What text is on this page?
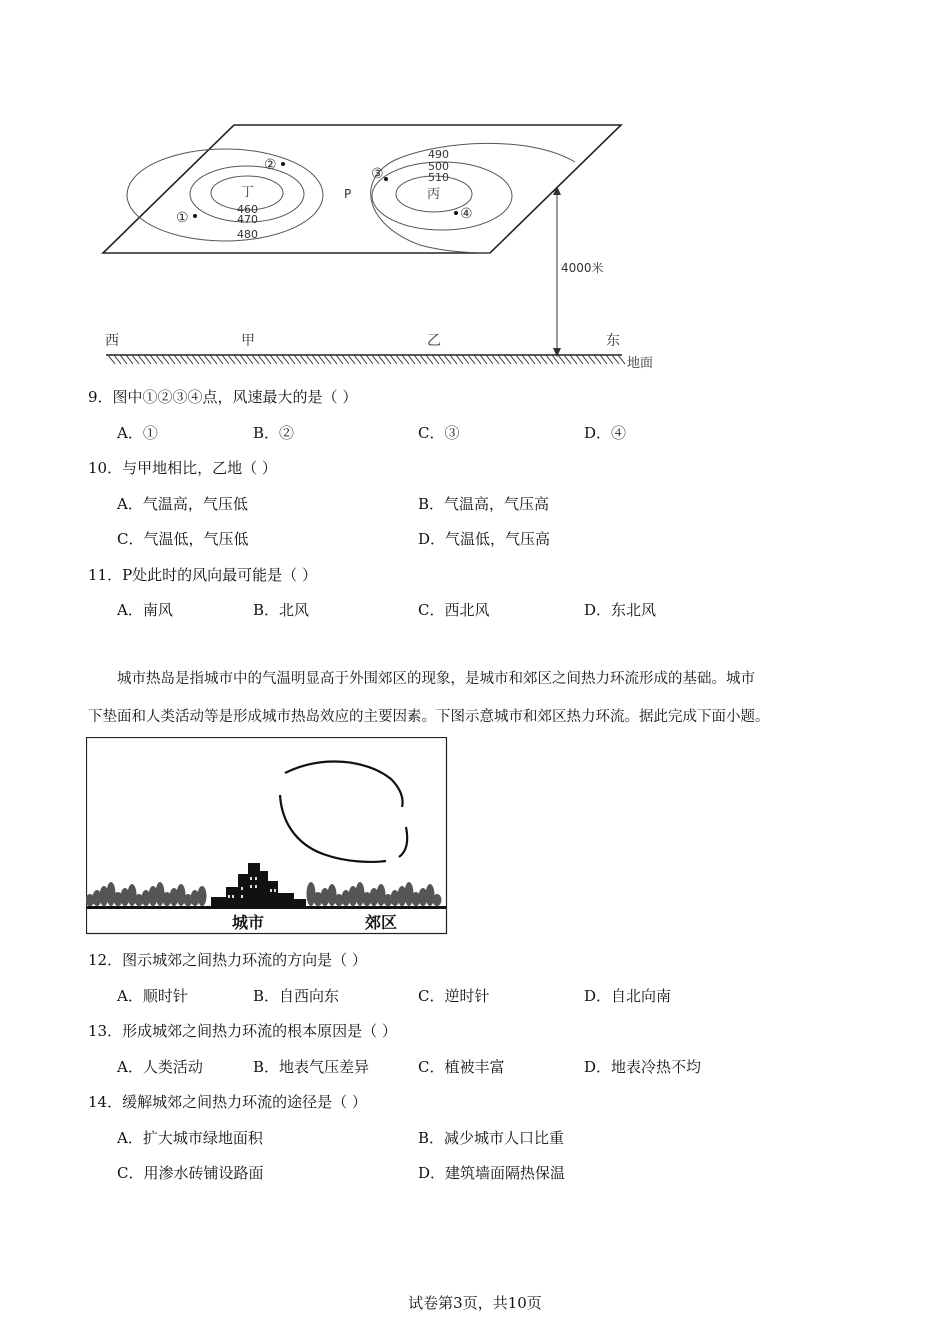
460
470
480
490
500
510
丁	丙
P
①
②
③
④
4000米
西	甲	乙	东
地面
9．图中①②③④点，风速最大的是（ ）
A．①	B．②	C．③	D．④
10．与甲地相比，乙地（ ）
A．气温高，气压低	B．气温高，气压高
C．气温低，气压低	D．气温低，气压高
11．P处此时的风向最可能是（ ）
A．南风	B．北风	C．西北风	D．东北风
城市热岛是指城市中的气温明显高于外围郊区的现象，是城市和郊区之间热力环流形成的基础。城市
下垫面和人类活动等是形成城市热岛效应的主要因素。下图示意城市和郊区热力环流。据此完成下面小题。
城市	郊区
12．图示城郊之间热力环流的方向是（ ）
A．顺时针	B．自西向东	C．逆时针	D．自北向南
13．形成城郊之间热力环流的根本原因是（ ）
A．人类活动	B．地表气压差异	C．植被丰富	D．地表冷热不均
14．缓解城郊之间热力环流的途径是（ ）
A．扩大城市绿地面积	B．减少城市人口比重
C．用渗水砖铺设路面	D．建筑墙面隔热保温
试卷第3页，共10页
